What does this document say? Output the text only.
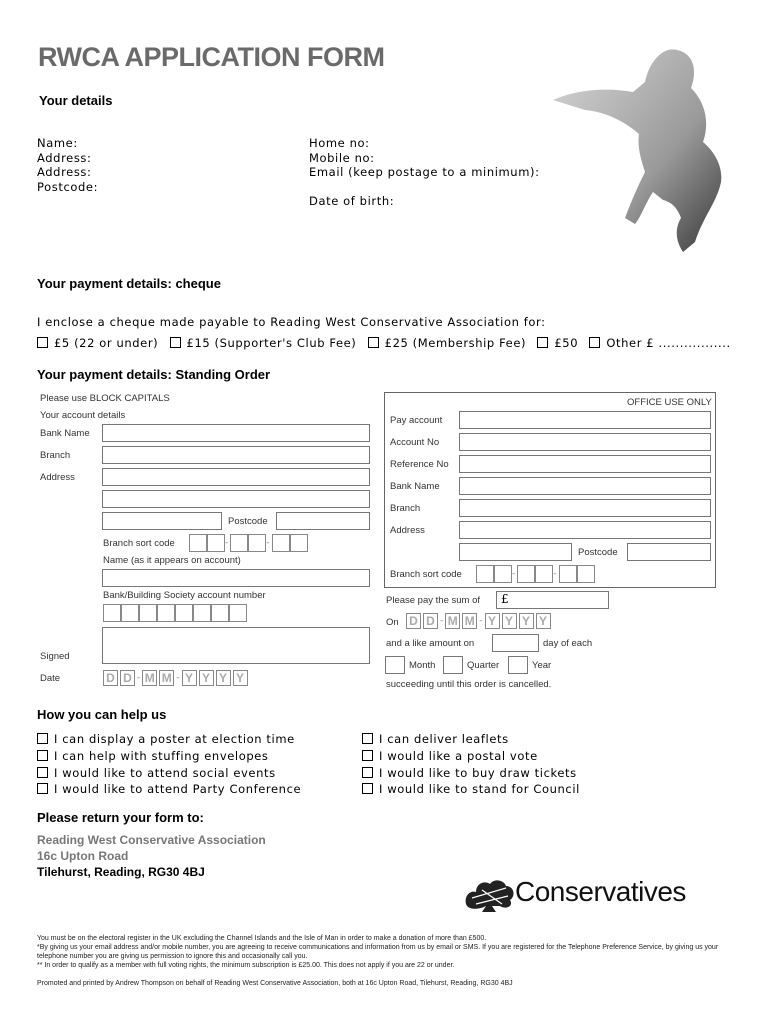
RWCA APPLICATION FORM
Your details
Name:
Address:
Address:
Postcode:
Home no:
Mobile no:
Email (keep postage to a minimum):
Date of birth:
Your payment details: cheque
I enclose a cheque made payable to Reading West Conservative Association for:
£5 (22 or under) £15 (Supporter's Club Fee) £25 (Membership Fee) £50 Other £ .................
Your payment details: Standing Order
Please use BLOCK CAPITALS
Your account details
Bank Name
Branch
Address
Postcode
Branch sort code	-	-
Name (as it appears on account)
Bank/Building Society account number
Signed
Date	D D - M M - Y Y Y Y
OFFICE USE ONLY
Pay account
Account No
Reference No
Bank Name
Branch
Address
Postcode
Branch sort code	-	-
Please pay the sum of	£
On D D - M M - Y Y Y Y
and a like amount on	day of each
Month	Quarter	Year
succeeding until this order is cancelled.
How you can help us
I can display a poster at election time
I can help with stuffing envelopes
I would like to attend social events
I would like to attend Party Conference
I can deliver leaflets
I would like a postal vote
I would like to buy draw tickets
I would like to stand for Council
Please return your form to:
Reading West Conservative Association
16c Upton Road
Tilehurst, Reading, RG30 4BJ
Conservatives
You must be on the electoral register in the UK excluding the Channel Islands and the Isle of Man in order to make a donation of more than £500.
*By giving us your email address and/or mobile number, you are agreeing to receive communications and information from us by email or SMS. If you are registered for the Telephone Preference Service, by giving us your telephone number you are giving us permission to ignore this and occasionally call you.
** In order to qualify as a member with full voting rights, the minimum subscription is £25.00. This does not apply if you are 22 or under.
Promoted and printed by Andrew Thompson on behalf of Reading West Conservative Association, both at 16c Upton Road, Tilehurst, Reading, RG30 4BJ
